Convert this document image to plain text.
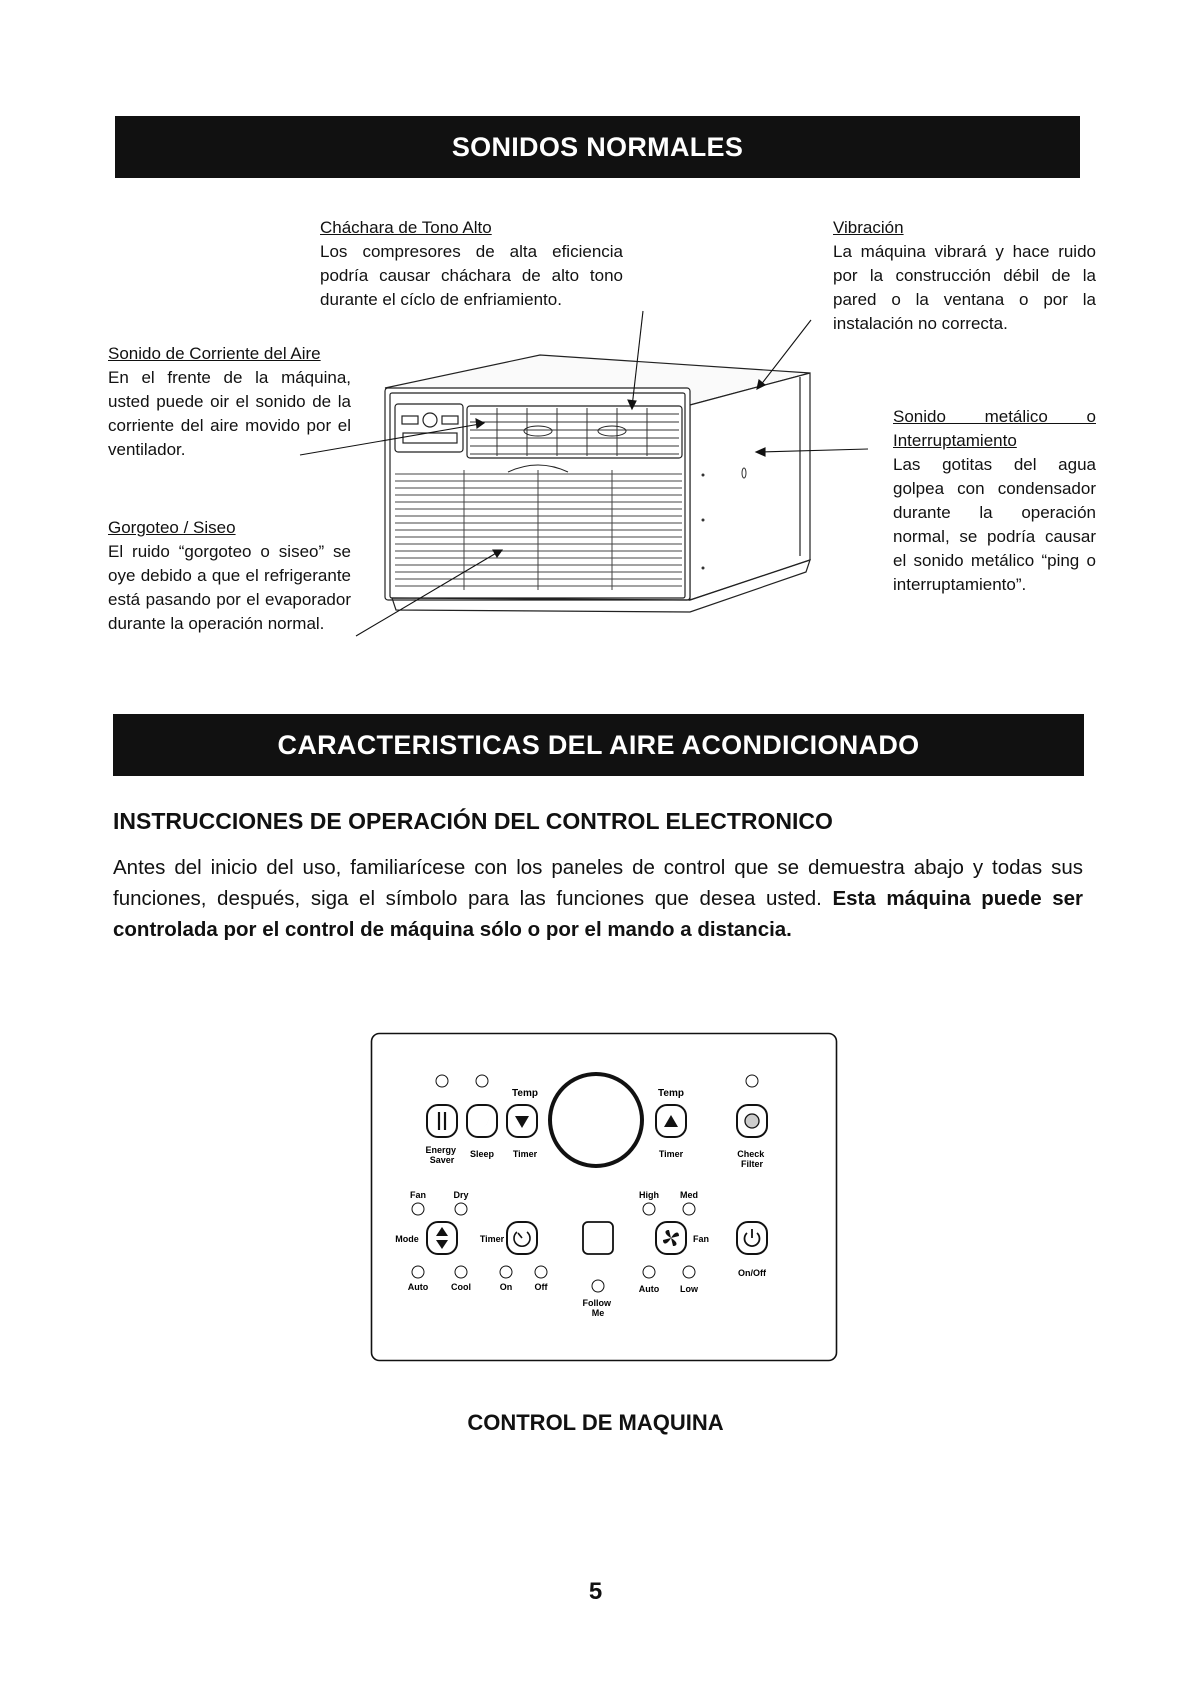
SONIDOS NORMALES
Cháchara de Tono Alto
Los compresores de alta eficiencia podría causar cháchara de alto tono durante el cíclo de enfriamiento.
Vibración
La máquina vibrará y hace ruido por la construcción débil de la pared o la ventana o por la instalación no correcta.
Sonido de Corriente del Aire
En el frente de la máquina, usted puede oir el sonido de la corriente del aire movido por el ventilador.
Sonido metálico o Interruptamiento
Las gotitas del agua golpea con condensador durante la operación normal, se podría causar el sonido metálico “ping o interruptamiento”.
Gorgoteo / Siseo
El ruido “gorgoteo o siseo” se oye debido a que el refrigerante está pasando por el evaporador durante la operación normal.
CARACTERISTICAS DEL AIRE ACONDICIONADO
INSTRUCCIONES DE OPERACIÓN DEL CONTROL ELECTRONICO
Antes del inicio del uso, familiarícese con los paneles de control que se demuestra abajo y todas sus funciones, después, siga el símbolo para las funciones que desea usted. Esta máquina puede ser controlada por el control de máquina sólo o por el mando a distancia.
Temp	Temp
Energy Saver
Sleep Timer	Timer	Check Filter
Fan	Dry	High Med
Mode	Timer	Fan
Auto	Cool	On Off	Auto Low
On/Off
Follow Me
CONTROL DE MAQUINA
5
